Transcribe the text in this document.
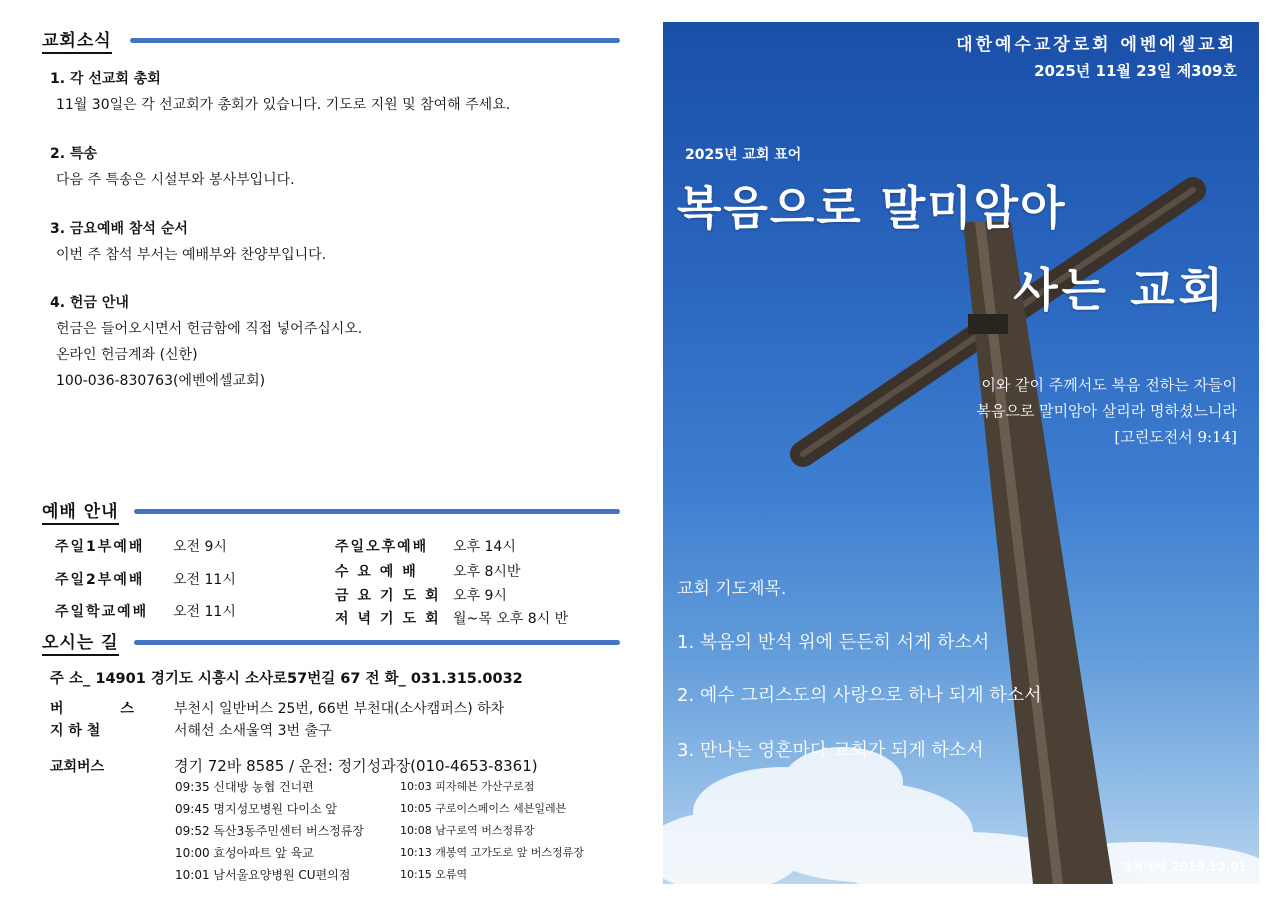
교회소식
1. 각 선교회 총회
11월 30일은 각 선교회가 총회가 있습니다. 기도로 지원 및 참여해 주세요.
2. 특송
다음 주 특송은 시설부와 봉사부입니다.
3. 금요예배 참석 순서
이번 주 참석 부서는 예배부와 찬양부입니다.
4. 헌금 안내
헌금은 들어오시면서 헌금함에 직접 넣어주십시오.
온라인 헌금계좌 (신한)
100-036-830763(에벤에셀교회)
예배 안내
주일1부예배 오전 9시
주일2부예배 오전 11시
주일학교예배 오전 11시
주일오후예배 오후 14시
수 요 예 배	오후 8시반
금요기도회 오후 9시
저녁기도회 월~목 오후 8시 반
오시는 길
주 소_ 14901 경기도 시흥시 소사로57번길 67 전 화_ 031.315.0032
버 스 부천시 일반버스 25번, 66번 부천대(소사캠퍼스) 하차
지 하 철	서해선 소새울역 3번 출구
교회버스	경기 72바 8585 / 운전: 정기성과장(010-4653-8361)
09:35 신대방 농협 건너편
09:45 명지성모병원 다이소 앞
09:52 독산3동주민센터 버스정류장
10:00 효성아파트 앞 육교
10:01 남서울요양병원 CU편의점
10:03 피자헤븐 가산구로점
10:05 구로이스페이스 세븐일레븐
10:08 남구로역 버스정류장
10:13 개봉역 고가도로 앞 버스정류장
10:15 오류역
대한예수교장로회 에벤에셀교회
2025년 11월 23일 제309호
2025년 교회 표어
복음으로 말미암아
사는 교회
이와 같이 주께서도 복음 전하는 자들이
복음으로 말미암아 살리라 명하셨느니라
[고린도전서 9:14]
교회 기도제목.
1. 복음의 반석 위에 든든히 서게 하소서
2. 예수 그리스도의 사랑으로 하나 되게 하소서
3. 만나는 영혼마다 교회가 되게 하소서
개척예배 2019.12.01
